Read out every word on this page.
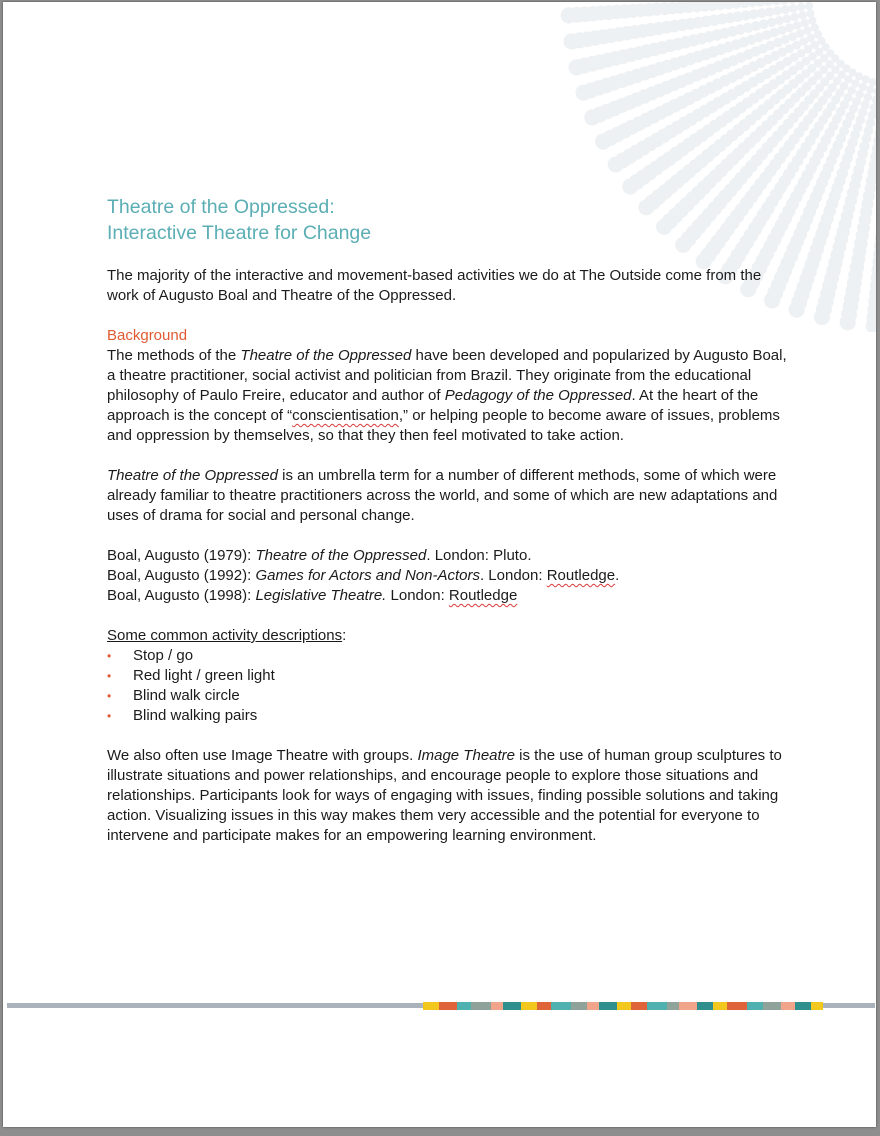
Theatre of the Oppressed:
Interactive Theatre for Change

The majority of the interactive and movement-based activities we do at The Outside come from the work of Augusto Boal and Theatre of the Oppressed.

Background

The methods of the Theatre of the Oppressed have been developed and popularized by Augusto Boal, a theatre practitioner, social activist and politician from Brazil. They originate from the educational philosophy of Paulo Freire, educator and author of Pedagogy of the Oppressed. At the heart of the approach is the concept of “conscientisation,” or helping people to become aware of issues, problems and oppression by themselves, so that they then feel motivated to take action.

Theatre of the Oppressed is an umbrella term for a number of different methods, some of which were already familiar to theatre practitioners across the world, and some of which are new adaptations and uses of drama for social and personal change.

Boal, Augusto (1979): Theatre of the Oppressed. London: Pluto.

Boal, Augusto (1992): Games for Actors and Non-Actors. London: Routledge.

Boal, Augusto (1998): Legislative Theatre. London: Routledge

Some common activity descriptions:

• Stop / go
• Red light / green light
• Blind walk circle
• Blind walking pairs

We also often use Image Theatre with groups. Image Theatre is the use of human group sculptures to illustrate situations and power relationships, and encourage people to explore those situations and relationships. Participants look for ways of engaging with issues, finding possible solutions and taking action. Visualizing issues in this way makes them very accessible and the potential for everyone to intervene and participate makes for an empowering learning environment.
